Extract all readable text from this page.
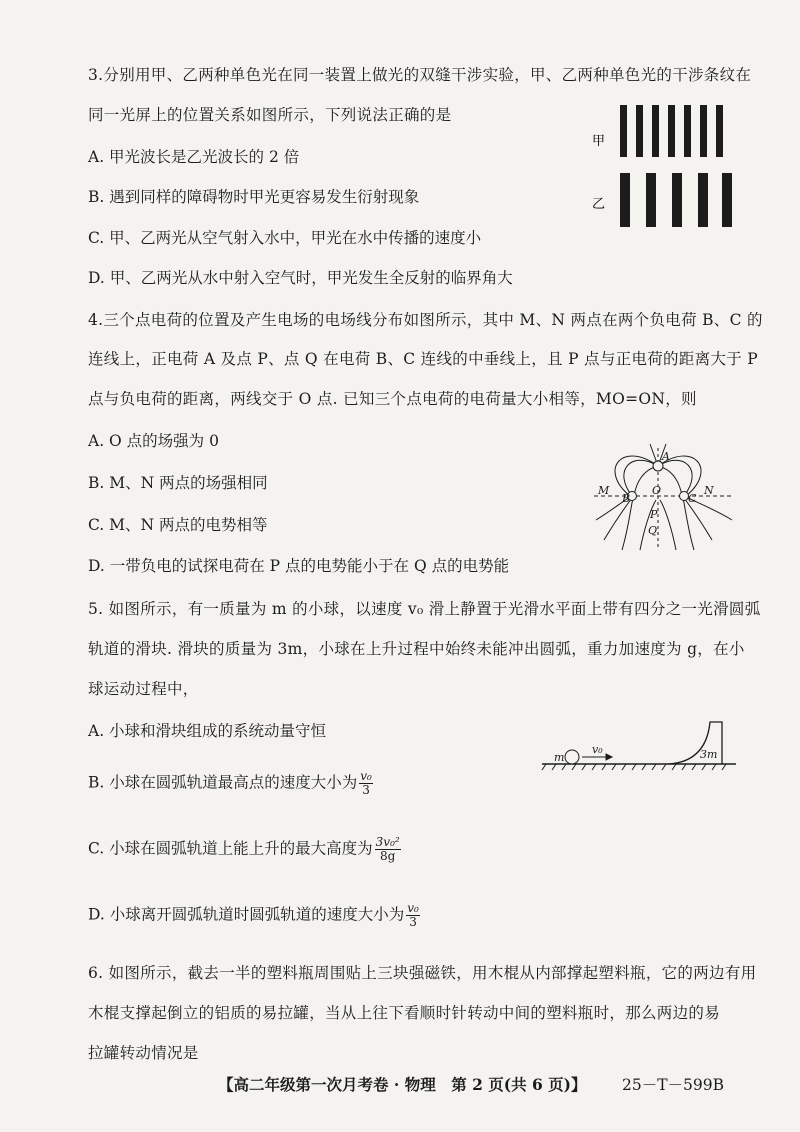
3.分别用甲、乙两种单色光在同一装置上做光的双缝干涉实验，甲、乙两种单色光的干涉条纹在
同一光屏上的位置关系如图所示，下列说法正确的是
A. 甲光波长是乙光波长的 2 倍
B. 遇到同样的障碍物时甲光更容易发生衍射现象
C. 甲、乙两光从空气射入水中，甲光在水中传播的速度小
D. 甲、乙两光从水中射入空气时，甲光发生全反射的临界角大
甲
乙
4.三个点电荷的位置及产生电场的电场线分布如图所示，其中 M、N 两点在两个负电荷 B、C 的
连线上，正电荷 A 及点 P、点 Q 在电荷 B、C 连线的中垂线上，且 P 点与正电荷的距离大于 P
点与负电荷的距离，两线交于 O 点. 已知三个点电荷的电荷量大小相等，MO=ON，则
A. O 点的场强为 0
B. M、N 两点的场强相同
C. M、N 两点的电势相等
D. 一带负电的试探电荷在 P 点的电势能小于在 Q 点的电势能
A
B	C
M	N
O
P
Q
5. 如图所示，有一质量为 m 的小球，以速度 v₀ 滑上静置于光滑水平面上带有四分之一光滑圆弧
轨道的滑块. 滑块的质量为 3m，小球在上升过程中始终未能冲出圆弧，重力加速度为 g，在小
球运动过程中，
A. 小球和滑块组成的系统动量守恒
B. 小球在圆弧轨道最高点的速度大小为 $\frac{\text{v₀}}{3}$
C. 小球在圆弧轨道上能上升的最大高度为 $\frac{\text{3v₀²}}{8g}$
D. 小球离开圆弧轨道时圆弧轨道的速度大小为 $\frac{\text{v₀}}{3}$
m
v₀	3m
6. 如图所示，截去一半的塑料瓶周围贴上三块强磁铁，用木棍从内部撑起塑料瓶，它的两边有用
木棍支撑起倒立的铝质的易拉罐，当从上往下看顺时针转动中间的塑料瓶时，那么两边的易
拉罐转动情况是
【高二年级第一次月考卷 · 物理　第 2 页(共 6 页)】 25－T－599B
